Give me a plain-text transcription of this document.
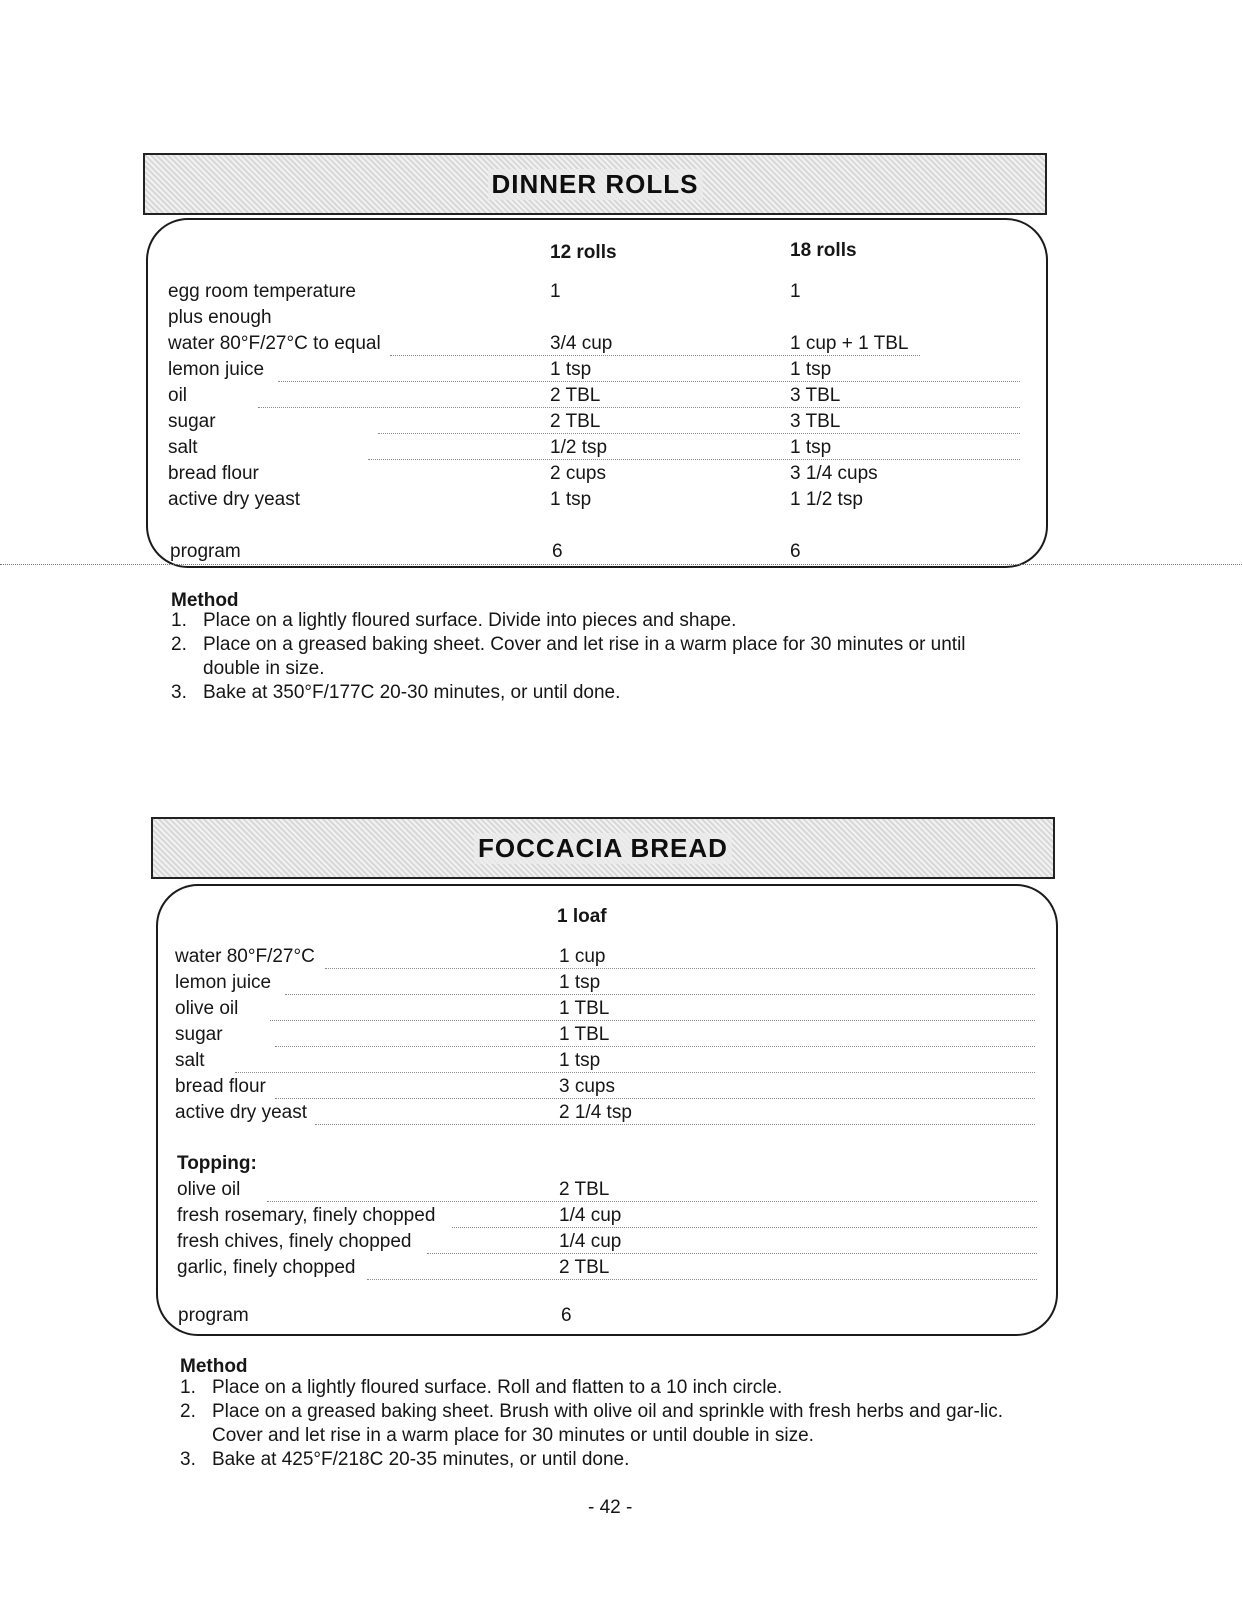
DINNER ROLLS
12 rolls	18 rolls
egg room temperature	1	1
plus enough
water 80°F/27°C to equal	3/4 cup	1 cup + 1 TBL
lemon juice	1 tsp	1 tsp
oil	2 TBL	3 TBL
sugar	2 TBL	3 TBL
salt	1/2 tsp	1 tsp
bread flour	2 cups	3 1/4 cups
active dry yeast	1 tsp	1 1/2 tsp
program	6	6
Method
1. Place on a lightly floured surface. Divide into pieces and shape.
2. Place on a greased baking sheet. Cover and let rise in a warm place for 30 minutes or until double in size.
3. Bake at 350°F/177C 20-30 minutes, or until done.
FOCCACIA BREAD
1 loaf
water 80°F/27°C	1 cup
lemon juice	1 tsp
olive oil	1 TBL
sugar	1 TBL
salt	1 tsp
bread flour	3 cups
active dry yeast	2 1/4 tsp
Topping:
olive oil	2 TBL
fresh rosemary, finely chopped	1/4 cup
fresh chives, finely chopped	1/4 cup
garlic, finely chopped	2 TBL
program	6
Method
1. Place on a lightly floured surface. Roll and flatten to a 10 inch circle.
2. Place on a greased baking sheet. Brush with olive oil and sprinkle with fresh herbs and gar-lic. Cover and let rise in a warm place for 30 minutes or until double in size.
3. Bake at 425°F/218C 20-35 minutes, or until done.
- 42 -
